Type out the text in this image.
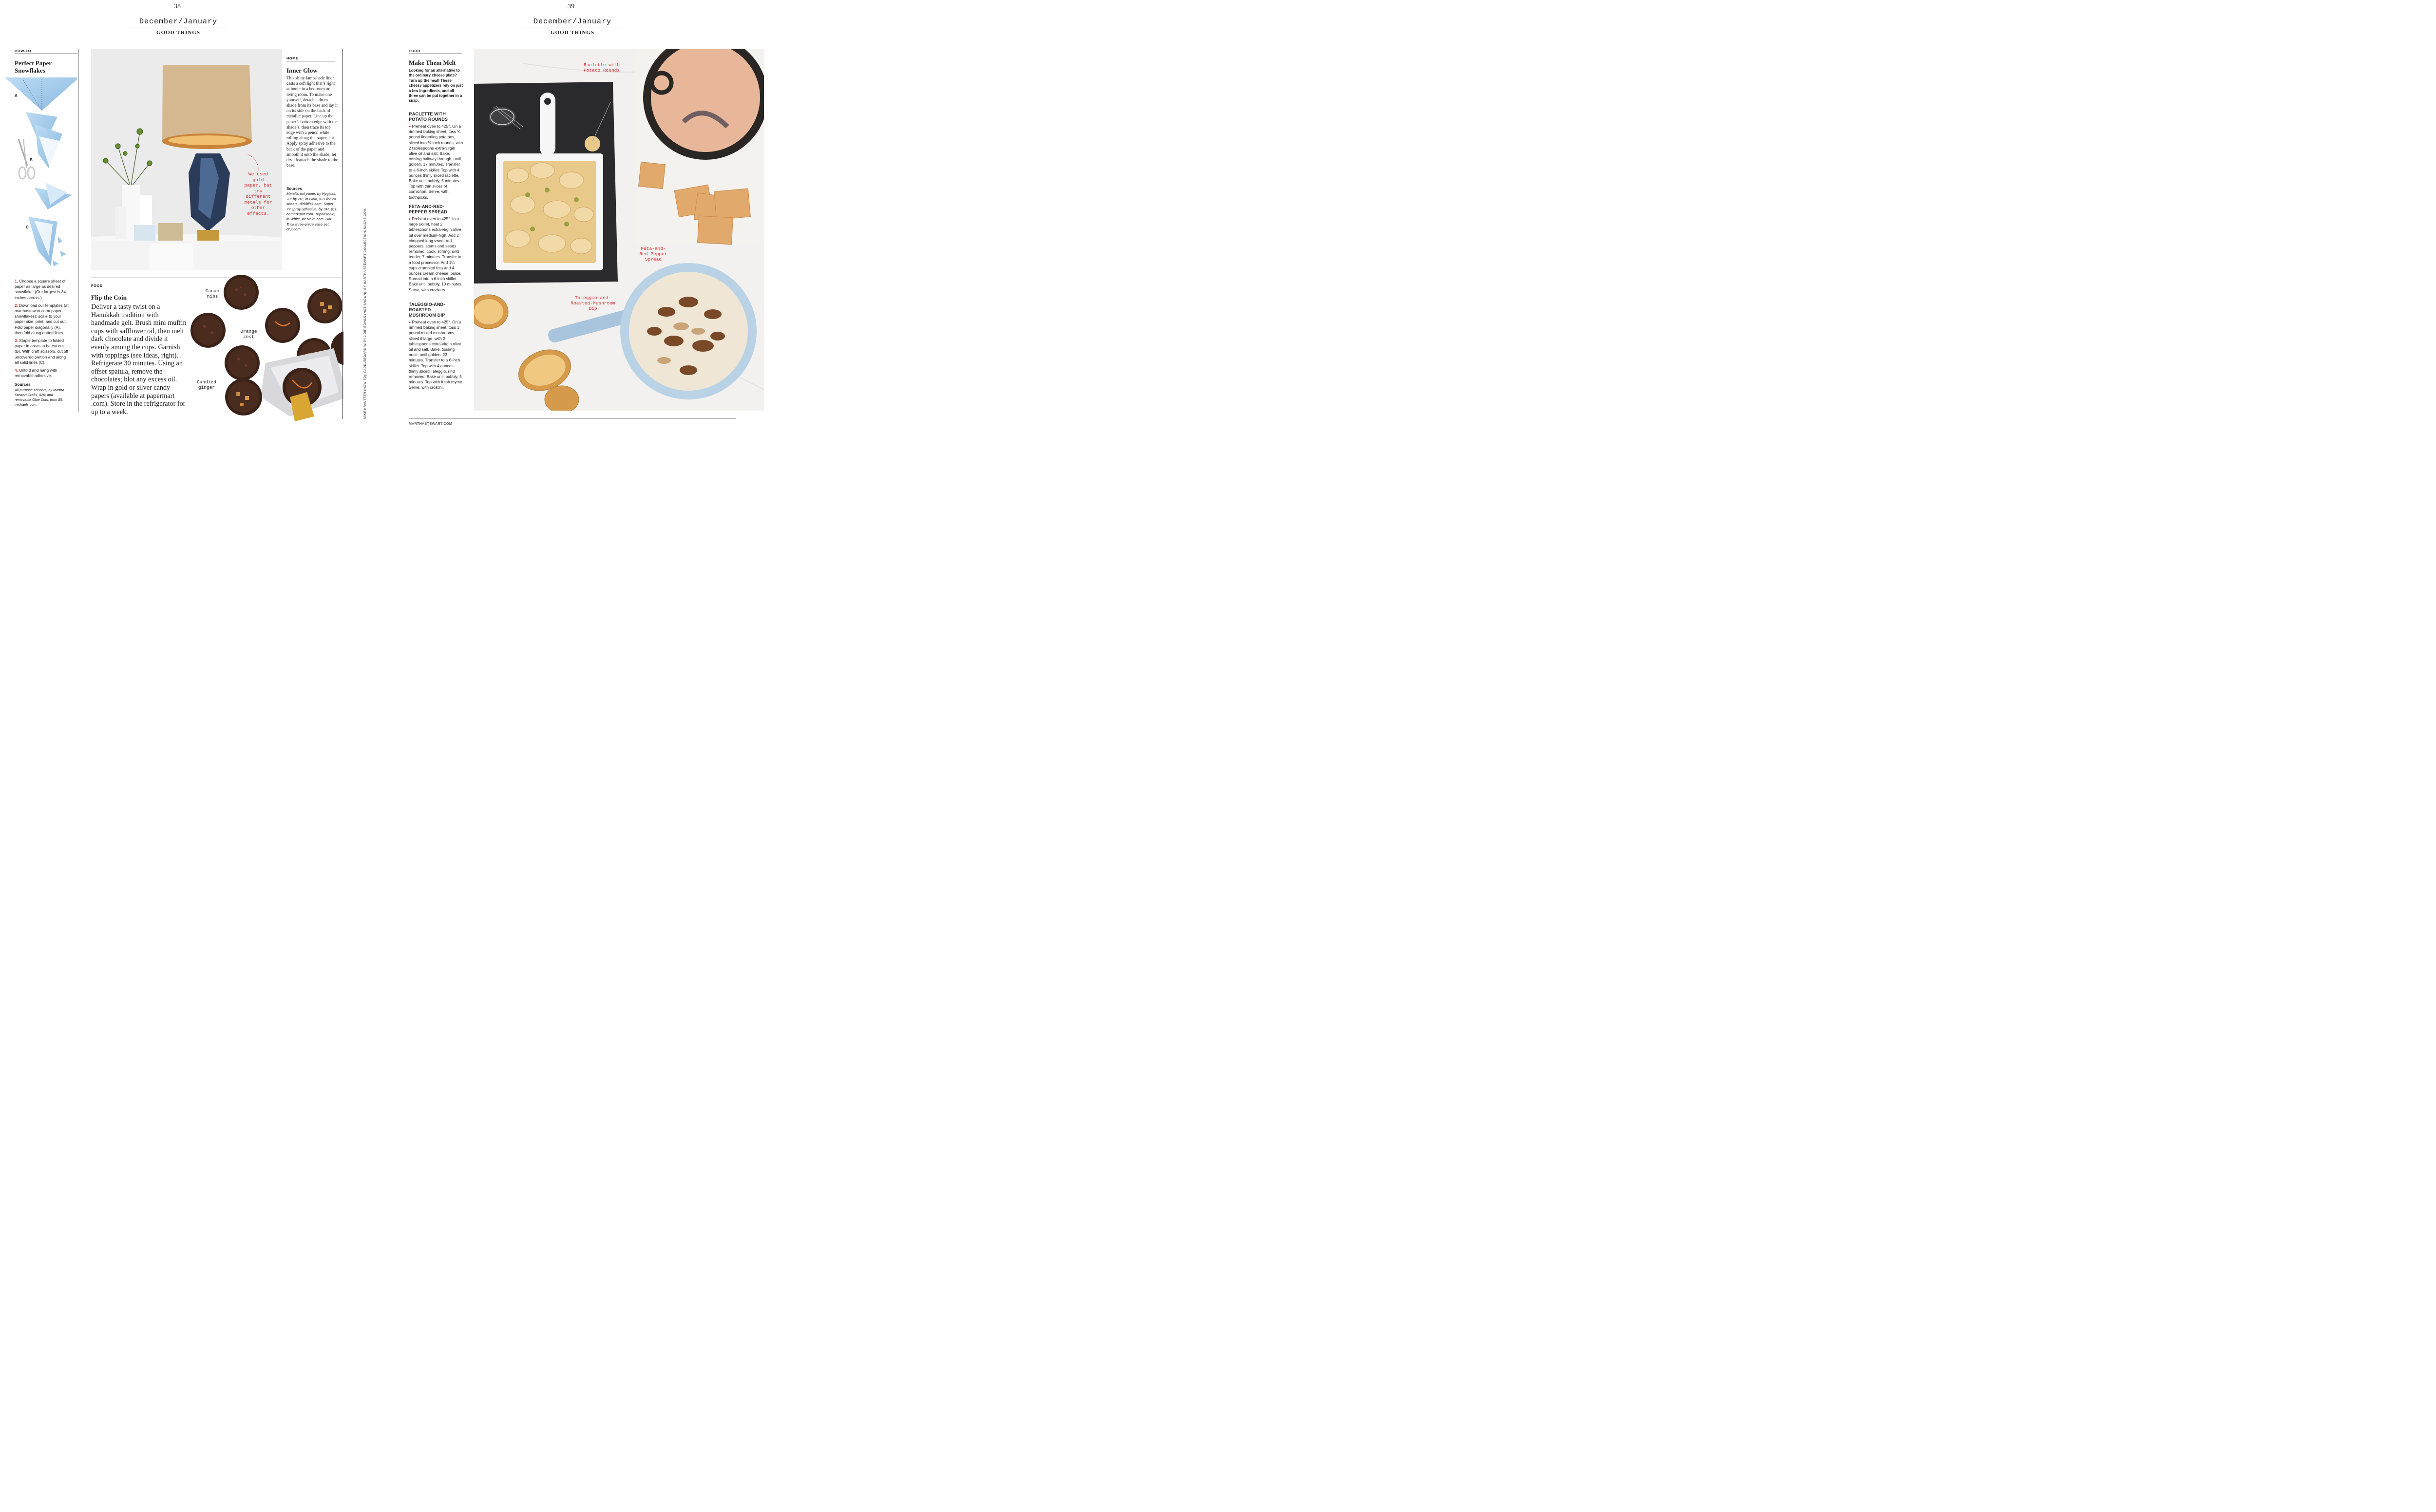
38
December/January
GOOD THINGS
HOW-TO
Perfect Paper
Snowflakes
A
B
C

1. Choose a square sheet of paper as large as desired snowflake. (Our largest is 34 inches across.)

2. Download our templates (at marthastewart.com/ paper-snowflakes); scale to your paper size, print, and cut out. Fold paper diagonally (A), then fold along dotted lines.

3. Staple template to folded paper in areas to be cut out (B). With craft scissors, cut off uncovered portion and along all solid lines (C).

4. Unfold and hang with removable adhesive.

Sources

All-purpose scissors, by Martha Stewart Crafts, $20; and removable Glue Dots, from $5, michaels.com.

HOME
Inner Glow
This shiny lampshade liner casts a soft light that’s right at home in a bedroom or living room. To make one yourself, detach a drum shade from its base and lay it on its side on the back of metallic paper. Line up the paper’s bottom edge with the shade’s, then trace its top edge with a pencil while rolling along the paper; cut. Apply spray adhesive to the back of the paper and smooth it onto the shade; let dry. Reattach the shade to the base.

Sources

Metallic foil paper, by Hygloss, 20" by 26", in Gold, $21 for 24 sheets, dickblick.com. Super 77 spray adhesive, by 3M, $11, homedepot.com. Tripod table, in White, westelm.com. Hat Trick three-piece vase set, cb2.com.

We used gold paper, but try different metals for other effects.
FOOD
Flip the Coin
Deliver a tasty twist on a Hanukkah tradition with handmade gelt. Brush mini muffin cups with safflower oil, then melt dark chocolate and divide it evenly among the cups. Garnish with toppings (see ideas, right). Refrigerate 30 minutes. Using an offset spatula, remove the chocolates; blot any excess oil. Wrap in gold or silver candy papers (available at papermart .com). Store in the refrigerator for up to a week.
Cacao nibs
Orange zest
Candied ginger	MIKE KRAUTTER (HOW-TO); PADDLEBOARD WITH 2 DIP BOWLS (NOT SHOWN), BY MARTHA STEWART COLLECTION, MACYS.COM.
39
December/January
GOOD THINGS
FOOD
Make Them Melt
Looking for an alternative to the ordinary cheese plate? Turn up the heat! These cheesy appetizers rely on just a few ingredients, and all three can be put together in a snap.
RACLETTE WITH
POTATO ROUNDS

▸ Preheat oven to 425°. On a rimmed baking sheet, toss ¾ pound fingerling potatoes, sliced into ⅛-inch rounds, with 2 tablespoons extra-virgin olive oil and salt. Bake, tossing halfway through, until golden, 17 minutes. Transfer to a 6-inch skillet. Top with 4 ounces thinly sliced raclette. Bake until bubbly, 5 minutes. Top with thin slices of cornichon. Serve, with toothpicks.

FETA-AND-RED-
PEPPER SPREAD

▸ Preheat oven to 425°. In a large skillet, heat 2 tablespoons extra-virgin olive oil over medium-high. Add 2 chopped long sweet red peppers, stems and seeds removed; cook, stirring, until tender, 7 minutes. Transfer to a food processor. Add 1¼ cups crumbled feta and 4 ounces cream cheese; pulse. Spread into a 6-inch skillet. Bake until bubbly, 10 minutes. Serve, with crackers.

TALEGGIO-AND-ROASTED-
MUSHROOM DIP

▸ Preheat oven to 425°. On a rimmed baking sheet, toss 1 pound mixed mushrooms, sliced if large, with 2 tablespoons extra-virgin olive oil and salt. Bake, tossing once, until golden, 23 minutes. Transfer to a 6-inch skillet. Top with 4 ounces thinly sliced Taleggio, rind removed. Bake until bubbly, 5 minutes. Top with fresh thyme. Serve, with crostini.

Raclette with Potato Rounds
Feta-and-Red-Pepper Spread
Taleggio-and-Roasted-Mushroom Dip
MARTHASTEWART.COM
